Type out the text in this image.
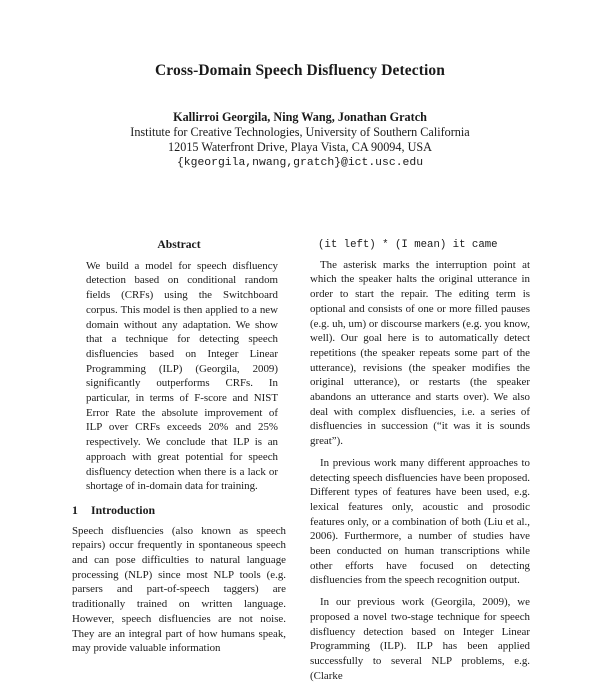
Cross-Domain Speech Disfluency Detection
Kallirroi Georgila, Ning Wang, Jonathan Gratch
Institute for Creative Technologies, University of Southern California
12015 Waterfront Drive, Playa Vista, CA 90094, USA
{kgeorgila,nwang,gratch}@ict.usc.edu
Abstract
We build a model for speech disfluency detection based on conditional random fields (CRFs) using the Switchboard corpus. This model is then applied to a new domain without any adaptation. We show that a technique for detecting speech disfluencies based on Integer Linear Programming (ILP) (Georgila, 2009) significantly outperforms CRFs. In particular, in terms of F-score and NIST Error Rate the absolute improvement of ILP over CRFs exceeds 20% and 25% respectively. We conclude that ILP is an approach with great potential for speech disfluency detection when there is a lack or shortage of in-domain data for training.
1 Introduction
Speech disfluencies (also known as speech repairs) occur frequently in spontaneous speech and can pose difficulties to natural language processing (NLP) since most NLP tools (e.g. parsers and part-of-speech taggers) are traditionally trained on written language. However, speech disfluencies are not noise. They are an integral part of how humans speak, may provide valuable information
(it left) * (I mean) it came
The asterisk marks the interruption point at which the speaker halts the original utterance in order to start the repair. The editing term is optional and consists of one or more filled pauses (e.g. uh, um) or discourse markers (e.g. you know, well). Our goal here is to automatically detect repetitions (the speaker repeats some part of the utterance), revisions (the speaker modifies the original utterance), or restarts (the speaker abandons an utterance and starts over). We also deal with complex disfluencies, i.e. a series of disfluencies in succession (“it was it is sounds great”).
In previous work many different approaches to detecting speech disfluencies have been proposed. Different types of features have been used, e.g. lexical features only, acoustic and prosodic features only, or a combination of both (Liu et al., 2006). Furthermore, a number of studies have been conducted on human transcriptions while other efforts have focused on detecting disfluencies from the speech recognition output.
In our previous work (Georgila, 2009), we proposed a novel two-stage technique for speech disfluency detection based on Integer Linear Programming (ILP). ILP has been applied successfully to several NLP problems, e.g. (Clarke
